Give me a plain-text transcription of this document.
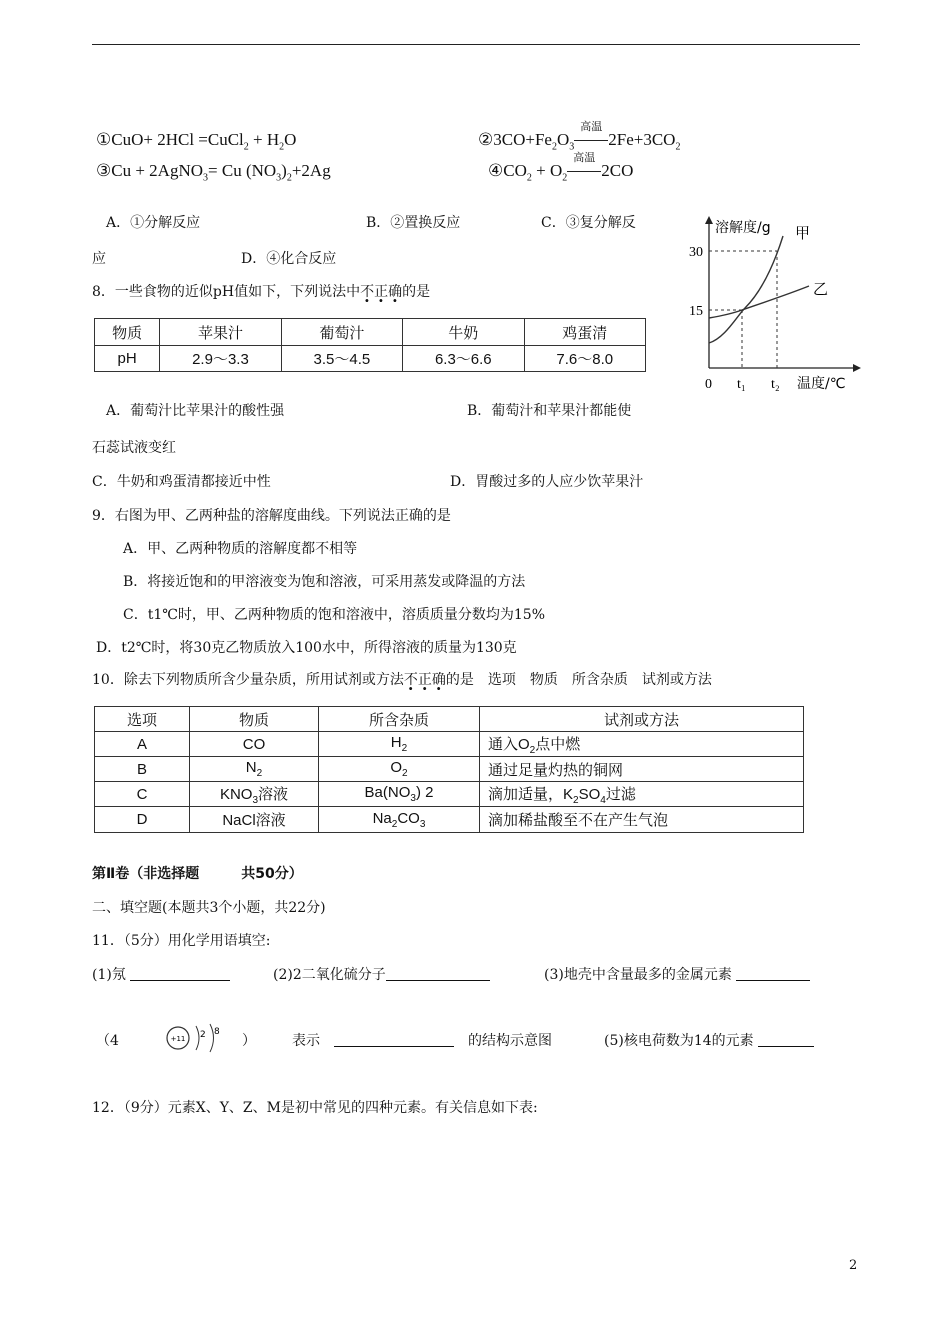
①CuO+ 2HCl =CuCl$_2$ + $H_2O$	$②3CO+Fe_2O_3$
高温
$2Fe+3CO_2$
③Cu + 2AgNO$_3$= Cu $(NO_3)_2+2Ag$	$④CO_2 + O_2$
高温
2CO
A．①分解反应	B．②置换反应	C．③复分解反
应	D．④化合反应
8．一些食物的近似pH值如下，下列说法中不正确的是
物质	苹果汁	葡萄汁	牛奶	鸡蛋清
pH	2.9～3.3	3.5～4.5	6.3～6.6	7.6～8.0
A．葡萄汁比苹果汁的酸性强	B．葡萄汁和苹果汁都能使
石蕊试液变红
C．牛奶和鸡蛋清都接近中性	D．胃酸过多的人应少饮苹果汁
溶解度/g 甲
乙
30
15
0 t₁ t₂ 温度/℃
9．右图为甲、乙两种盐的溶解度曲线。下列说法正确的是
A．甲、乙两种物质的溶解度都不相等
B．将接近饱和的甲溶液变为饱和溶液，可采用蒸发或降温的方法
C．t1℃时，甲、乙两种物质的饱和溶液中，溶质质量分数均为15%
D．t2℃时，将30克乙物质放入100水中，所得溶液的质量为130克
10．除去下列物质所含少量杂质，所用试剂或方法不正确的是　选项　物质　所含杂质　试剂或方法
选项	物质	所含杂质	试剂或方法
A	CO	$H_2$	通入$O_2$点中燃
B	$N_2$	$O_2$	通过足量灼热的铜网
C	$KNO_3$溶液	$Ba(NO_3)$ 2	滴加适量，$K_2SO_4$过滤
D	NaCl溶液	$Na_2CO_3$	滴加稀盐酸至不在产生气泡
第Ⅱ卷（非选择题　　　共50分）
二、填空题(本题共3个小题，共22分)
11．（5分）用化学用语填空:
(1)氖	(2)2二氧化硫分子	(3)地壳中含量最多的金属元素
（4	+11 2 8
）	表示　　	的结构示意图	(5)核电荷数为14的元素
12．（9分）元素X、Y、Z、M是初中常见的四种元素。有关信息如下表:
2
